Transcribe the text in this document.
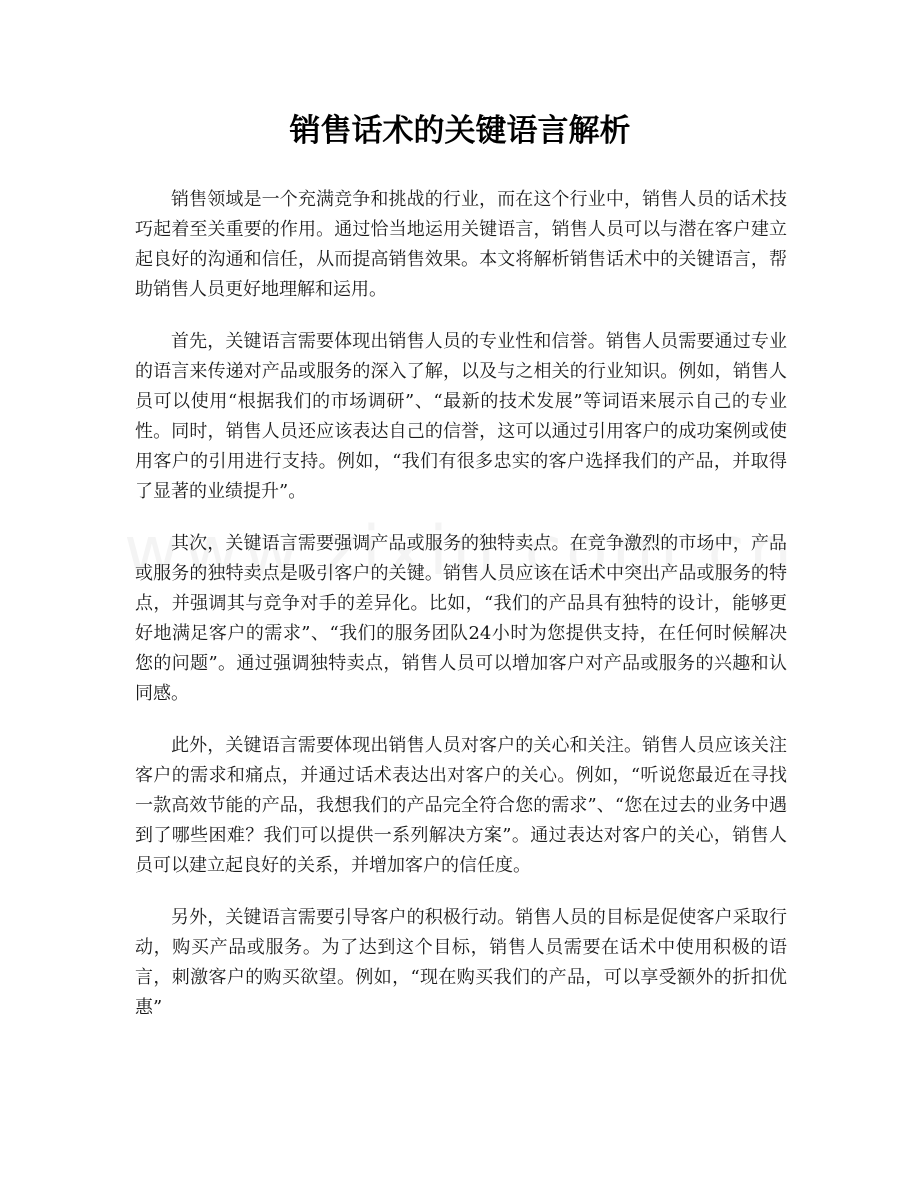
销售话术的关键语言解析

销售领域是一个充满竞争和挑战的行业，而在这个行业中，销售人员的话术技巧起着至关重要的作用。通过恰当地运用关键语言，销售人员可以与潜在客户建立起良好的沟通和信任，从而提高销售效果。本文将解析销售话术中的关键语言，帮助销售人员更好地理解和运用。

首先，关键语言需要体现出销售人员的专业性和信誉。销售人员需要通过专业的语言来传递对产品或服务的深入了解，以及与之相关的行业知识。例如，销售人员可以使用“根据我们的市场调研”、“最新的技术发展”等词语来展示自己的专业性。同时，销售人员还应该表达自己的信誉，这可以通过引用客户的成功案例或使用客户的引用进行支持。例如，“我们有很多忠实的客户选择我们的产品，并取得了显著的业绩提升”。

其次，关键语言需要强调产品或服务的独特卖点。在竞争激烈的市场中，产品或服务的独特卖点是吸引客户的关键。销售人员应该在话术中突出产品或服务的特点，并强调其与竞争对手的差异化。比如，“我们的产品具有独特的设计，能够更好地满足客户的需求”、“我们的服务团队24小时为您提供支持，在任何时候解决您的问题”。通过强调独特卖点，销售人员可以增加客户对产品或服务的兴趣和认同感。

此外，关键语言需要体现出销售人员对客户的关心和关注。销售人员应该关注客户的需求和痛点，并通过话术表达出对客户的关心。例如，“听说您最近在寻找一款高效节能的产品，我想我们的产品完全符合您的需求”、“您在过去的业务中遇到了哪些困难？我们可以提供一系列解决方案”。通过表达对客户的关心，销售人员可以建立起良好的关系，并增加客户的信任度。

另外，关键语言需要引导客户的积极行动。销售人员的目标是促使客户采取行动，购买产品或服务。为了达到这个目标，销售人员需要在话术中使用积极的语言，刺激客户的购买欲望。例如，“现在购买我们的产品，可以享受额外的折扣优惠”
